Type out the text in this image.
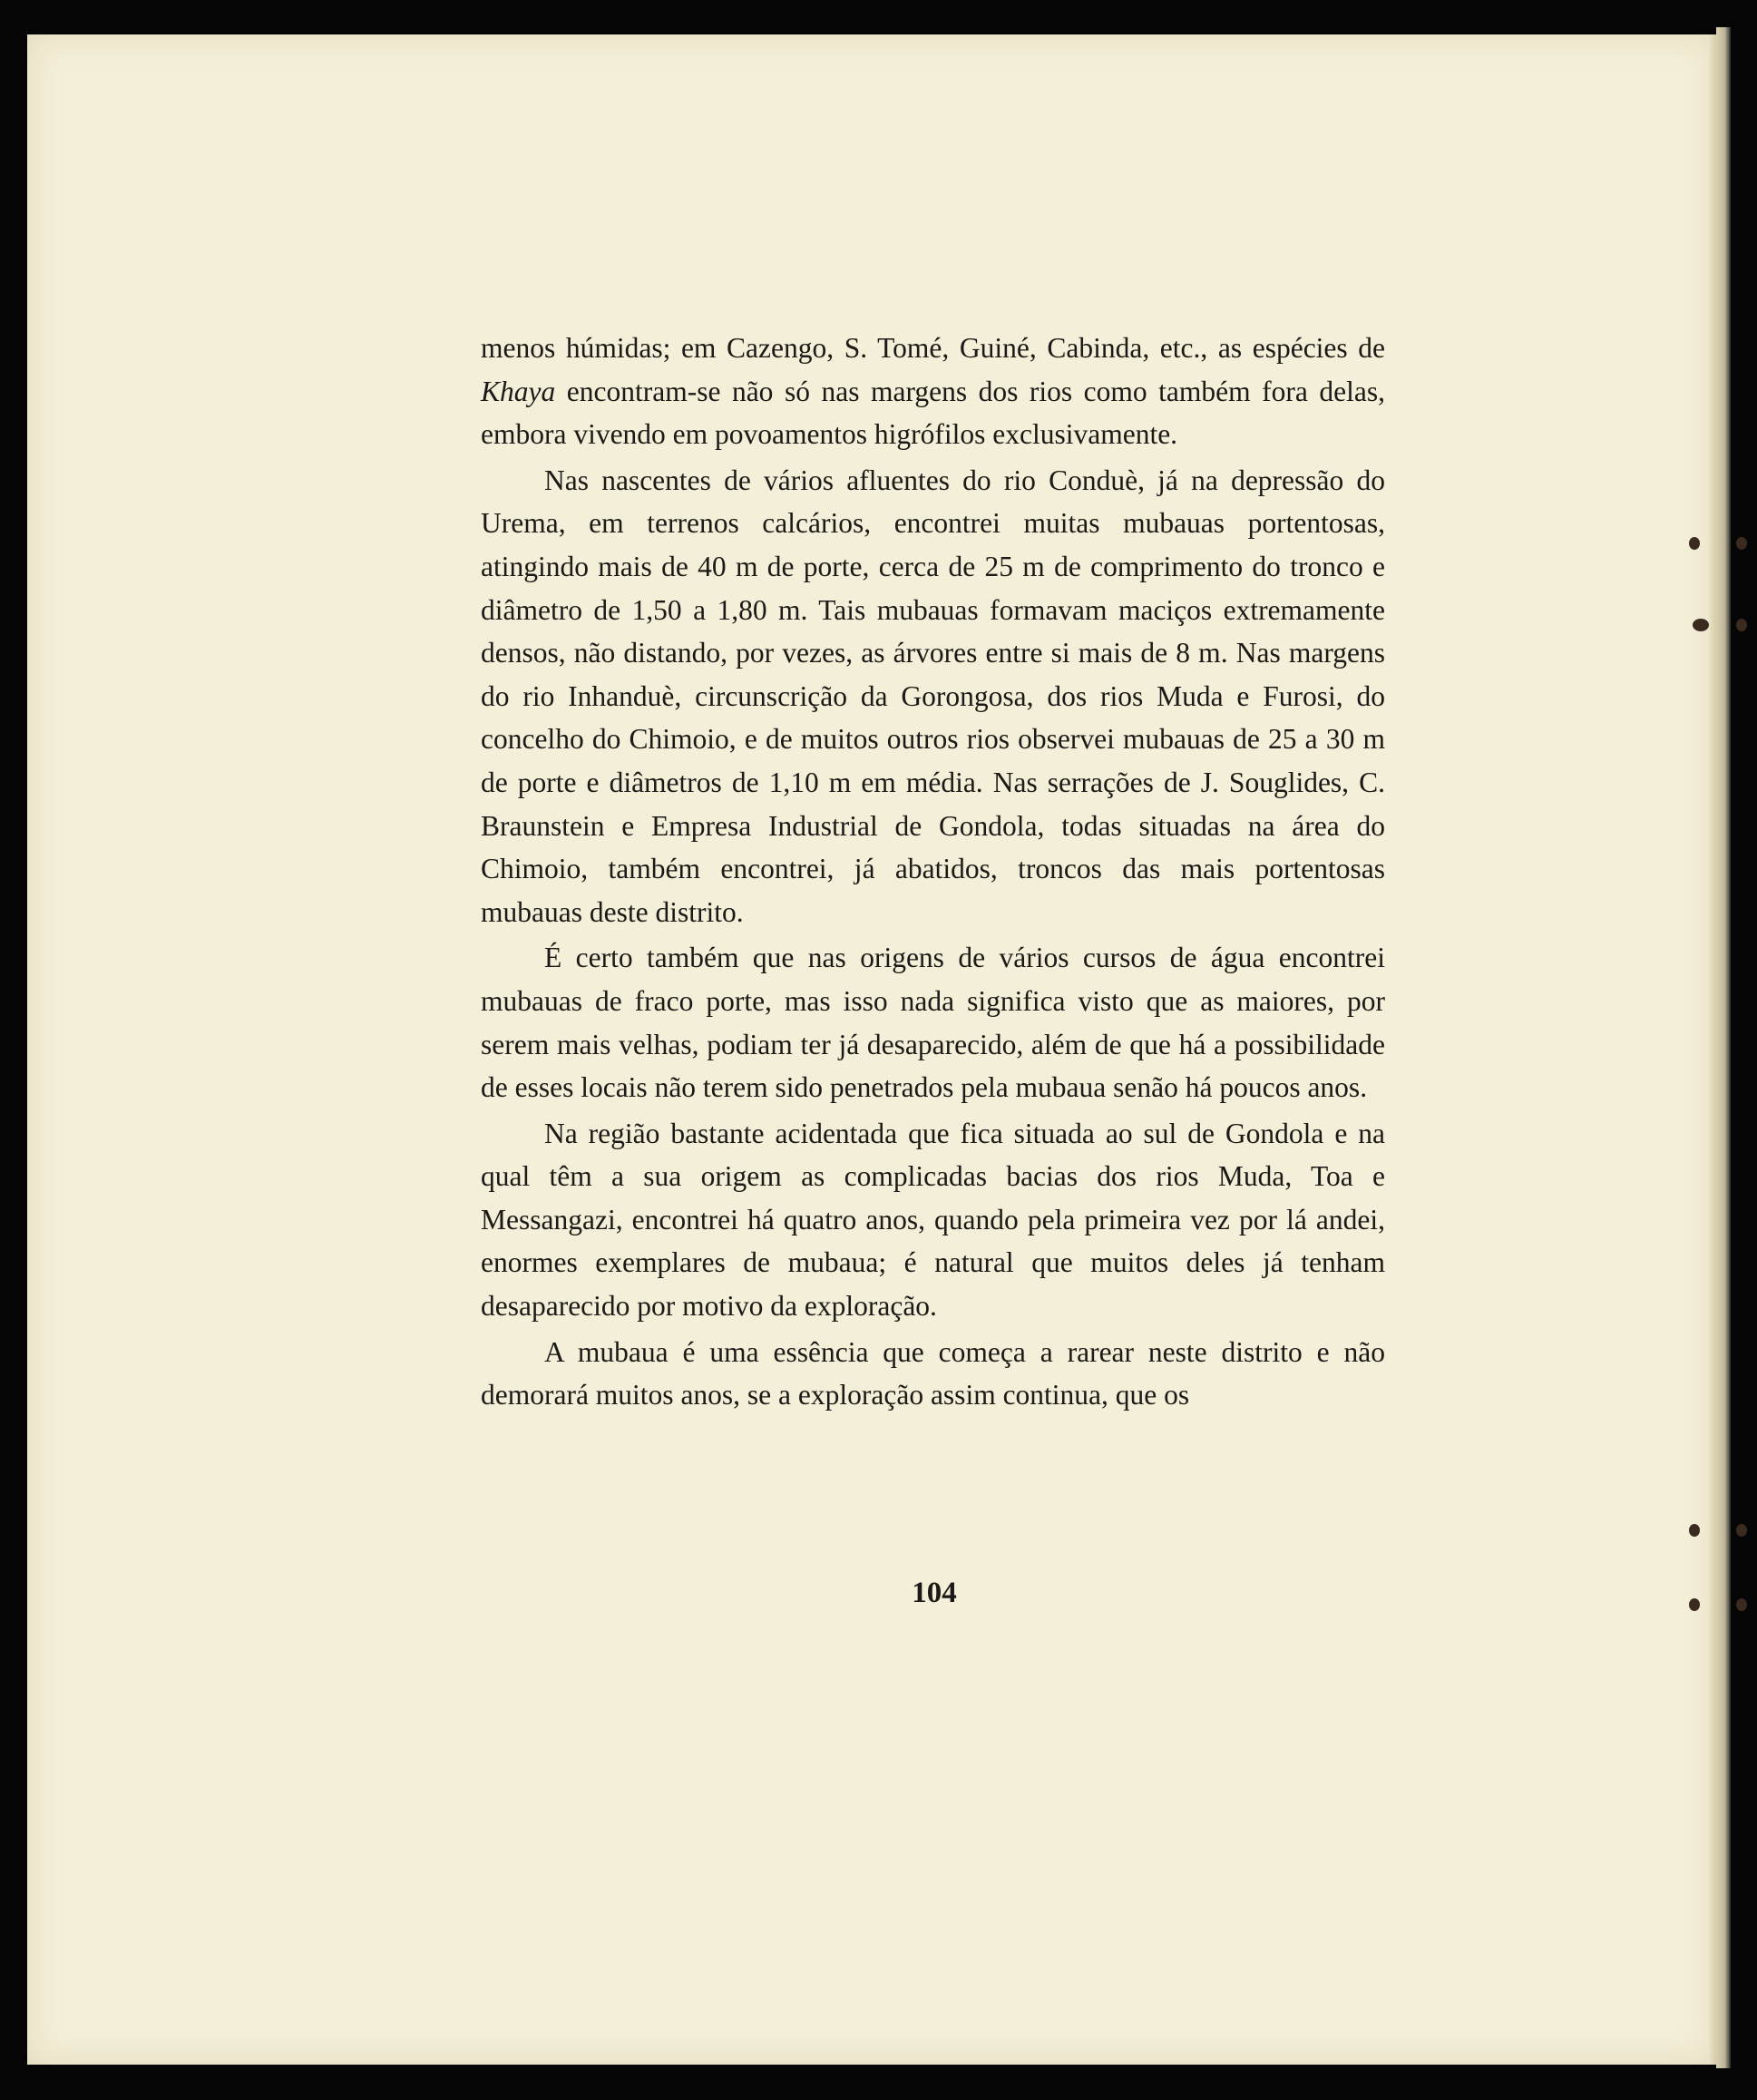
menos húmidas; em Cazengo, S. Tomé, Guiné, Cabinda, etc., as espécies de Khaya encontram-se não só nas margens dos rios como também fora delas, embora vivendo em povoamentos higrófilos exclusivamente.

Nas nascentes de vários afluentes do rio Conduè, já na depressão do Urema, em terrenos calcários, encontrei muitas mubauas portentosas, atingindo mais de 40 m de porte, cerca de 25 m de comprimento do tronco e diâmetro de 1,50 a 1,80 m. Tais mubauas formavam maciços extremamente densos, não distando, por vezes, as árvores entre si mais de 8 m. Nas margens do rio Inhanduè, circunscrição da Gorongosa, dos rios Muda e Furosi, do concelho do Chimoio, e de muitos outros rios observei mubauas de 25 a 30 m de porte e diâmetros de 1,10 m em média. Nas serrações de J. Souglides, C. Braunstein e Empresa Industrial de Gondola, todas situadas na área do Chimoio, também encontrei, já abatidos, troncos das mais portentosas mubauas deste distrito.

É certo também que nas origens de vários cursos de água encontrei mubauas de fraco porte, mas isso nada significa visto que as maiores, por serem mais velhas, podiam ter já desaparecido, além de que há a possibilidade de esses locais não terem sido penetrados pela mubaua senão há poucos anos.

Na região bastante acidentada que fica situada ao sul de Gondola e na qual têm a sua origem as complicadas bacias dos rios Muda, Toa e Messangazi, encontrei há quatro anos, quando pela primeira vez por lá andei, enormes exemplares de mubaua; é natural que muitos deles já tenham desaparecido por motivo da exploração.

A mubaua é uma essência que começa a rarear neste distrito e não demorará muitos anos, se a exploração assim continua, que os

104
